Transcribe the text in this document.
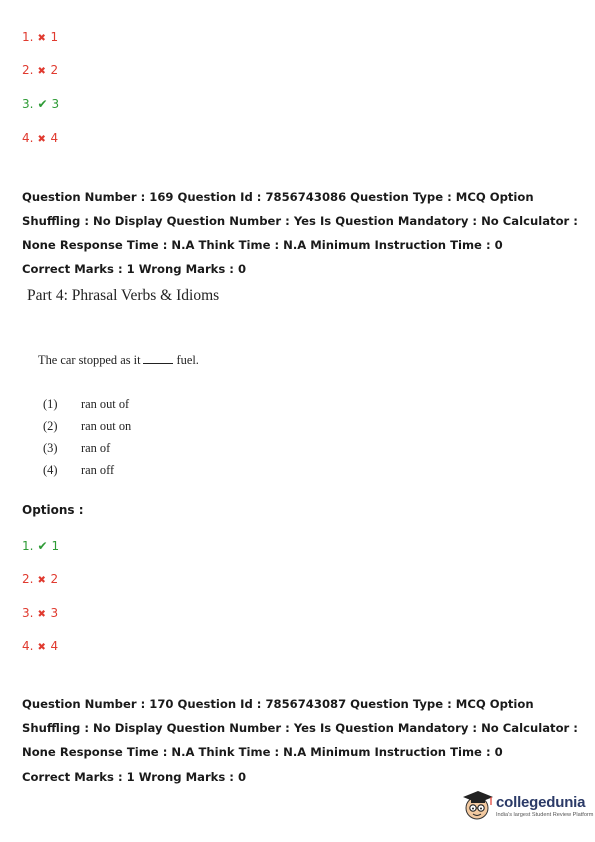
1. ✖ 1
2. ✖ 2
3. ✔ 3
4. ✖ 4
Question Number : 169 Question Id : 7856743086 Question Type : MCQ Option Shuffling : No Display Question Number : Yes Is Question Mandatory : No Calculator : None Response Time : N.A Think Time : N.A Minimum Instruction Time : 0
Correct Marks : 1 Wrong Marks : 0
Part 4: Phrasal Verbs & Idioms
The car stopped as it	fuel.
(1) ran out of
(2) ran out on
(3) ran of
(4) ran off
Options :
1. ✔ 1
2. ✖ 2
3. ✖ 3
4. ✖ 4
Question Number : 170 Question Id : 7856743087 Question Type : MCQ Option Shuffling : No Display Question Number : Yes Is Question Mandatory : No Calculator : None Response Time : N.A Think Time : N.A Minimum Instruction Time : 0
Correct Marks : 1 Wrong Marks : 0
collegedunia
India's largest Student Review Platform
